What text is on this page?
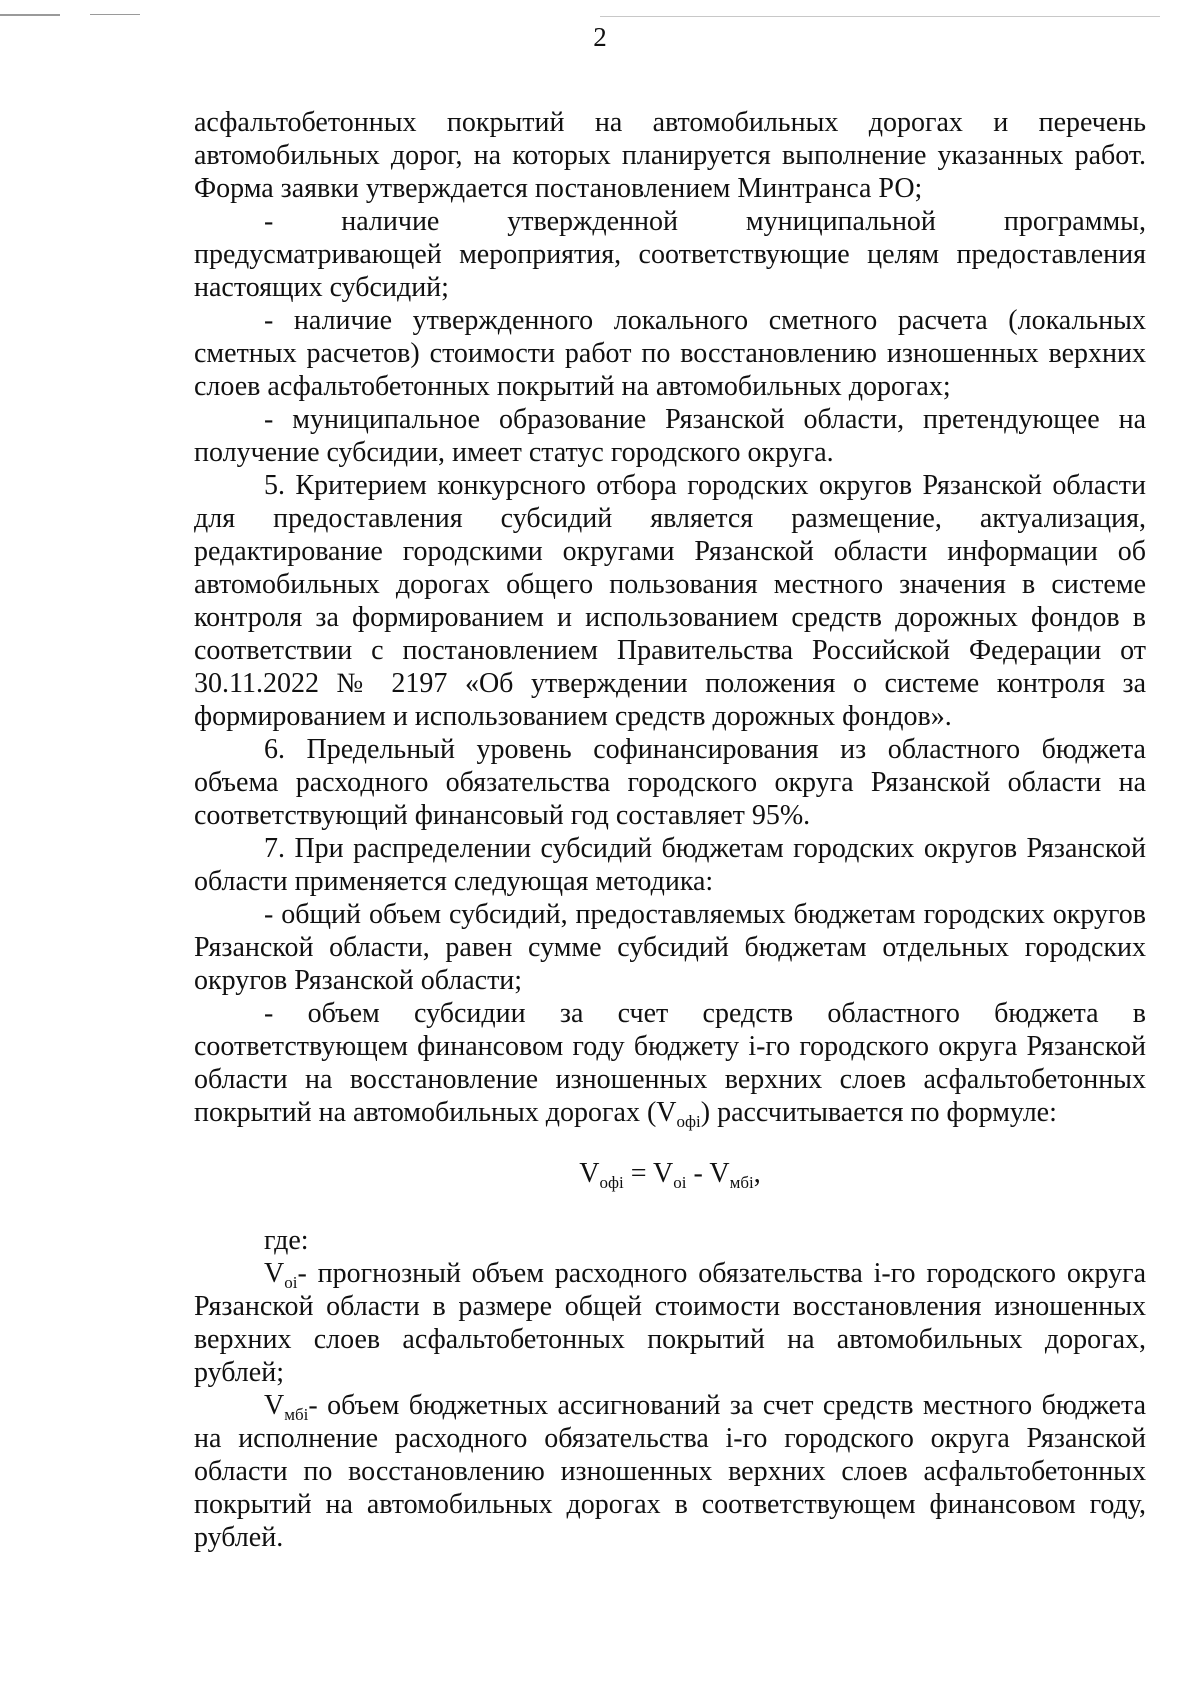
2

асфальтобетонных покрытий на автомобильных дорогах и перечень автомобильных дорог, на которых планируется выполнение указанных работ. Форма заявки утверждается постановлением Минтранса РО;

- наличие утвержденной муниципальной программы, предусматривающей мероприятия, соответствующие целям предоставления настоящих субсидий;

- наличие утвержденного локального сметного расчета (локальных сметных расчетов) стоимости работ по восстановлению изношенных верхних слоев асфальтобетонных покрытий на автомобильных дорогах;

- муниципальное образование Рязанской области, претендующее на получение субсидии, имеет статус городского округа.

5. Критерием конкурсного отбора городских округов Рязанской области для предоставления субсидий является размещение, актуализация, редактирование городскими округами Рязанской области информации об автомобильных дорогах общего пользования местного значения в системе контроля за формированием и использованием средств дорожных фондов в соответствии с постановлением Правительства Российской Федерации от 30.11.2022 № 2197 «Об утверждении положения о системе контроля за формированием и использованием средств дорожных фондов».

6. Предельный уровень софинансирования из областного бюджета объема расходного обязательства городского округа Рязанской области на соответствующий финансовый год составляет 95%.

7. При распределении субсидий бюджетам городских округов Рязанской области применяется следующая методика:

- общий объем субсидий, предоставляемых бюджетам городских округов Рязанской области, равен сумме субсидий бюджетам отдельных городских округов Рязанской области;

- объем субсидии за счет средств областного бюджета в соответствующем финансовом году бюджету i-го городского округа Рязанской области на восстановление изношенных верхних слоев асфальтобетонных покрытий на автомобильных дорогах $(V_{офi})$ рассчитывается по формуле:

$V_{офi} = V_{оi} - V_{мбi}$,

где:

$V_{оi}-$ прогнозный объем расходного обязательства i-го городского округа Рязанской области в размере общей стоимости восстановления изношенных верхних слоев асфальтобетонных покрытий на автомобильных дорогах, рублей;

$V_{мбi}-$ объем бюджетных ассигнований за счет средств местного бюджета на исполнение расходного обязательства i-го городского округа Рязанской области по восстановлению изношенных верхних слоев асфальтобетонных покрытий на автомобильных дорогах в соответствующем финансовом году, рублей.
